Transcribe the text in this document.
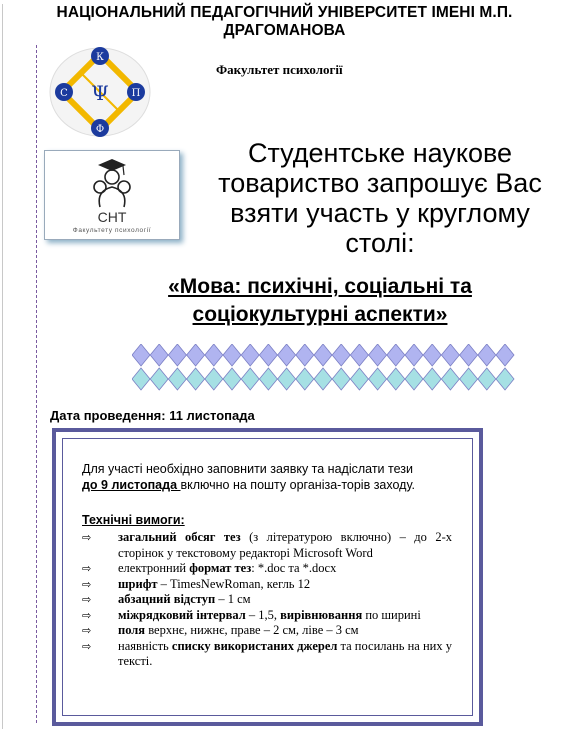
НАЦІОНАЛЬНИЙ ПЕДАГОГІЧНИЙ УНІВЕРСИТЕТ ІМЕНІ М.П.
ДРАГОМАНОВА
Факультет психології
К
С	П
Ф
Ψ
СНТ
Факультету психології
Студентське наукове
товариство запрошує Вас
взяти участь у круглому
столі:
«Мова: психічні, соціальні та
соціокультурні аспекти»
Дата проведення: 11 листопада
Для участі необхідно заповнити заявку та надіслати тези до 9 листопада включно на пошту організа-торів заходу.
Технічні вимоги:
⇨	загальний обсяг тез (з літературою включно) – до 2-х сторінок у текстовому редакторі Microsoft Word
⇨	електронний формат тез: *.doc та *.docx
⇨	шрифт – TimesNewRoman, кегль 12
⇨	абзацний відступ – 1 см
⇨	міжрядковий інтервал – 1,5, вирівнювання по ширині
⇨	поля верхнє, нижнє, праве – 2 см, ліве – 3 см
⇨	наявність списку використаних джерел та посилань на них у тексті.
